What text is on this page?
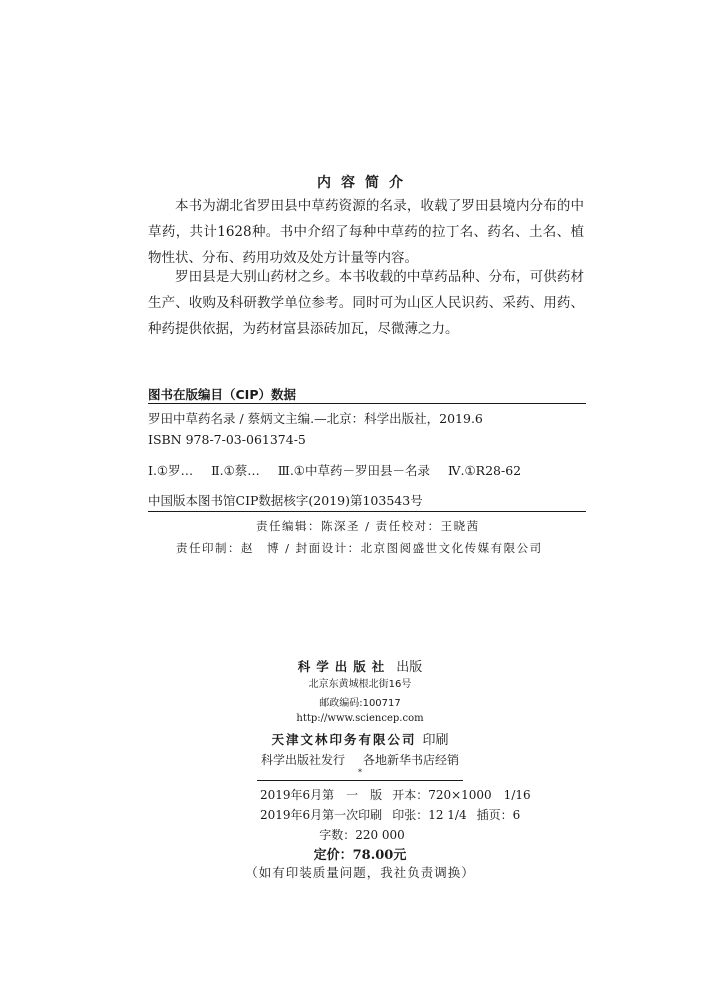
内容简介

本书为湖北省罗田县中草药资源的名录，收载了罗田县境内分布的中草药，共计1628种。书中介绍了每种中草药的拉丁名、药名、土名、植物性状、分布、药用功效及处方计量等内容。

罗田县是大别山药材之乡。本书收载的中草药品种、分布，可供药材生产、收购及科研教学单位参考。同时可为山区人民识药、采药、用药、种药提供依据，为药材富县添砖加瓦，尽微薄之力。

图书在版编目（CIP）数据
罗田中草药名录 / 蔡炳文主编.—北京：科学出版社，2019.6
ISBN 978-7-03-061374-5
Ⅰ.①罗… Ⅱ.①蔡… Ⅲ.①中草药－罗田县－名录 Ⅳ.①R28-62
中国版本图书馆CIP数据核字(2019)第103543号
责任编辑：陈深圣 / 责任校对：王晓茜
责任印制：赵　博 / 封面设计：北京图阅盛世文化传媒有限公司
科学出版社 出版
北京东黄城根北街16号
邮政编码:100717
http://www.sciencep.com
天津文林印务有限公司 印刷
科学出版社发行 各地新华书店经销
*
2019年6月第　一　版 开本：720×1000　1/16
2019年6月第一次印刷 印张：12 1/4 插页：6
字数：220 000
定价：78.00元
（如有印装质量问题，我社负责调换）
